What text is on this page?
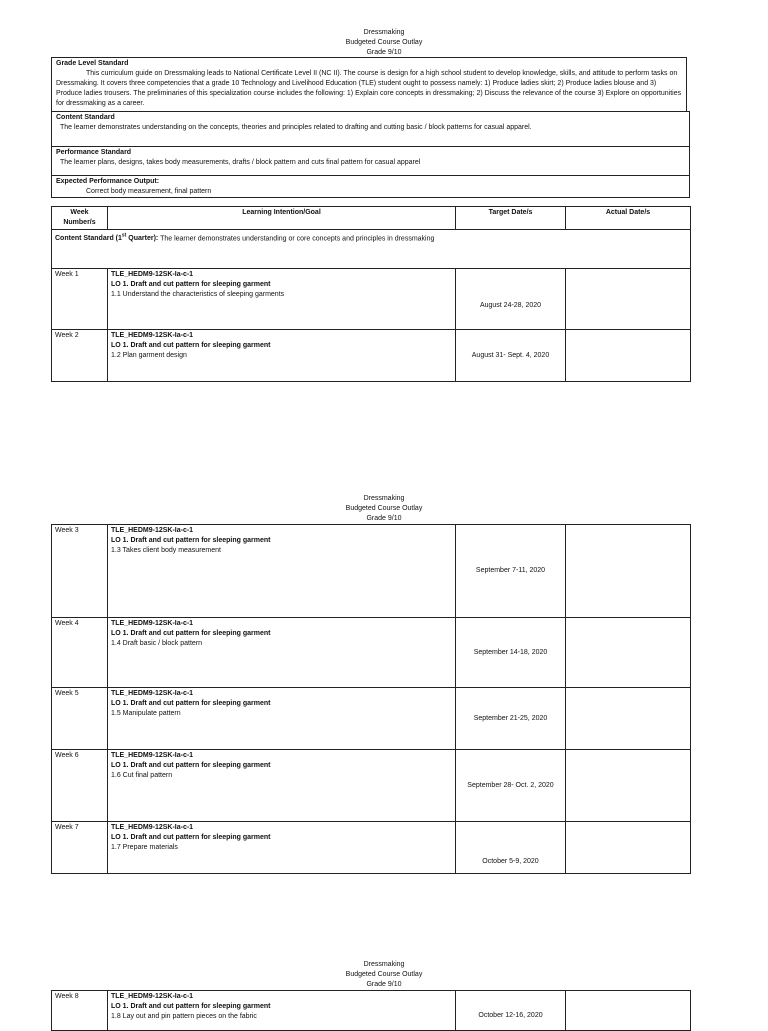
Dressmaking
Budgeted Course Outlay
Grade 9/10
Grade Level Standard
This curriculum guide on Dressmaking leads to National Certificate Level II (NC II). The course is design for a high school student to develop knowledge, skills, and attitude to perform tasks on Dressmaking. It covers three competencies that a grade 10 Technology and Livelihood Education (TLE) student ought to possess namely: 1) Produce ladies skirt; 2) Produce ladies blouse and 3) Produce ladies trousers. The preliminaries of this specialization course includes the following: 1) Explain core concepts in dressmaking; 2) Discuss the relevance of the course 3) Explore on opportunities for dressmaking as a career.
Content Standard
The learner demonstrates understanding on the concepts, theories and principles related to drafting and cutting basic / block patterns for casual apparel.
Performance Standard
The learner plans, designs, takes body measurements, drafts / block pattern and cuts final pattern for casual apparel
Expected Performance Output:
Correct body measurement, final pattern
Week Number/s	Learning Intention/Goal	Target Date/s	Actual Date/s
Content Standard (1st Quarter): The learner demonstrates understanding or core concepts and principles in dressmaking			
Week 1	TLE_HEDM9-12SK-Ia-c-1
LO 1. Draft and cut pattern for sleeping garment
1.1 Understand the characteristics of sleeping garments	August 24-28, 2020	
Week 2	TLE_HEDM9-12SK-Ia-c-1
LO 1. Draft and cut pattern for sleeping garment
1.2 Plan garment design	August 31- Sept. 4, 2020	
Dressmaking
Budgeted Course Outlay
Grade 9/10
Week 3	TLE_HEDM9-12SK-Ia-c-1
LO 1. Draft and cut pattern for sleeping garment
1.3 Takes client body measurement	September 7-11, 2020	
Week 4	TLE_HEDM9-12SK-Ia-c-1
LO 1. Draft and cut pattern for sleeping garment
1.4 Draft basic / block pattern	September 14-18, 2020	
Week 5	TLE_HEDM9-12SK-Ia-c-1
LO 1. Draft and cut pattern for sleeping garment
1.5 Manipulate pattern	September 21-25, 2020	
Week 6	TLE_HEDM9-12SK-Ia-c-1
LO 1. Draft and cut pattern for sleeping garment
1.6 Cut final pattern	September 28- Oct. 2, 2020	
Week 7	TLE_HEDM9-12SK-Ia-c-1
LO 1. Draft and cut pattern for sleeping garment
1.7 Prepare materials	October 5-9, 2020	
Dressmaking
Budgeted Course Outlay
Grade 9/10
Week 8	TLE_HEDM9-12SK-Ia-c-1
LO 1. Draft and cut pattern for sleeping garment
1.8 Lay out and pin pattern pieces on the fabric	October 12-16, 2020	
